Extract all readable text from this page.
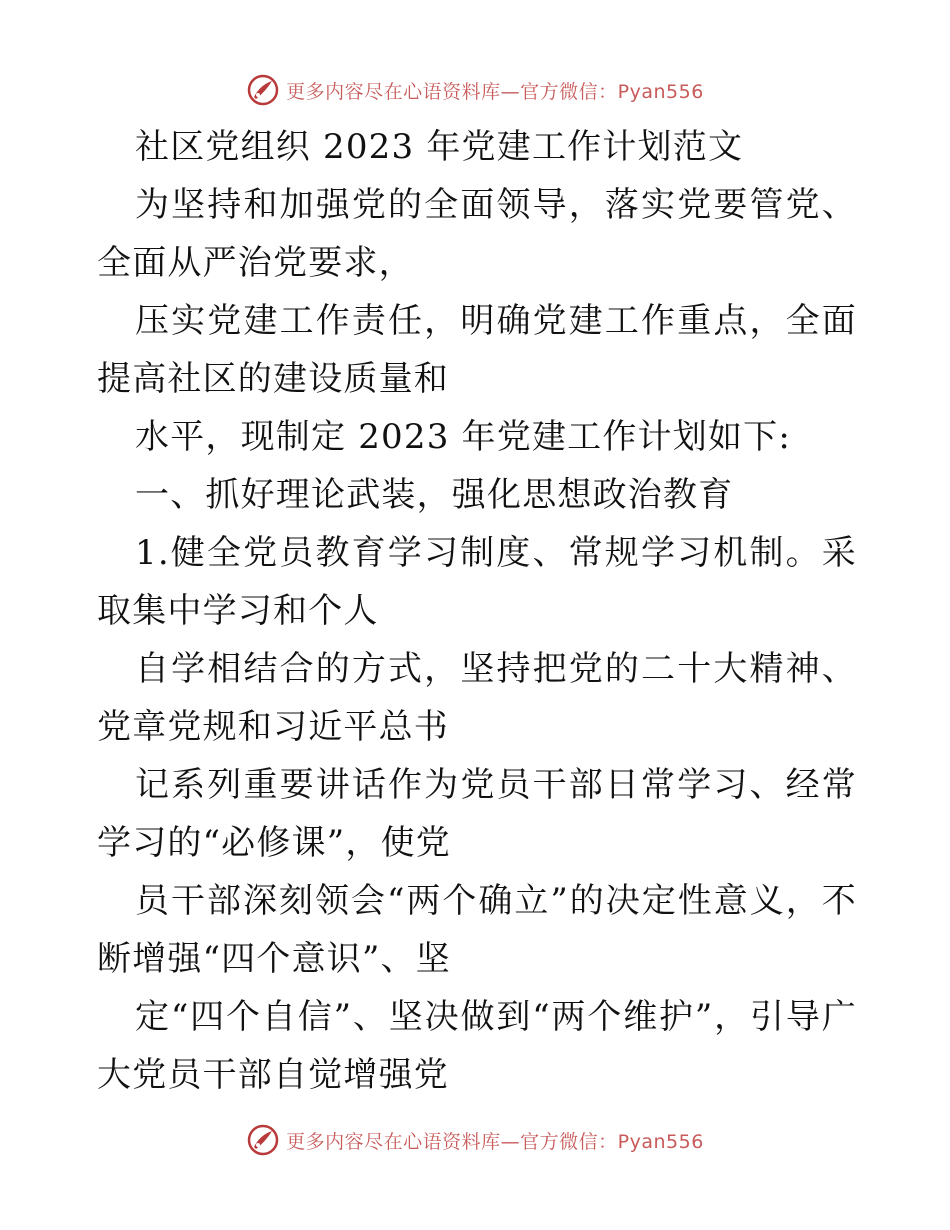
更多内容尽在心语资料库—官方微信：Pyan556

社区党组织 2023 年党建工作计划范文

为坚持和加强党的全面领导，落实党要管党、全面从严治党要求，

压实党建工作责任，明确党建工作重点，全面提高社区的建设质量和

水平，现制定 2023 年党建工作计划如下:

一、抓好理论武装，强化思想政治教育

1.健全党员教育学习制度、常规学习机制。采取集中学习和个人

自学相结合的方式，坚持把党的二十大精神、党章党规和习近平总书

记系列重要讲话作为党员干部日常学习、经常学习的“必修课”，使党

员干部深刻领会“两个确立”的决定性意义，不断增强“四个意识”、坚

定“四个自信”、坚决做到“两个维护”，引导广大党员干部自觉增强党

更多内容尽在心语资料库—官方微信：Pyan556
